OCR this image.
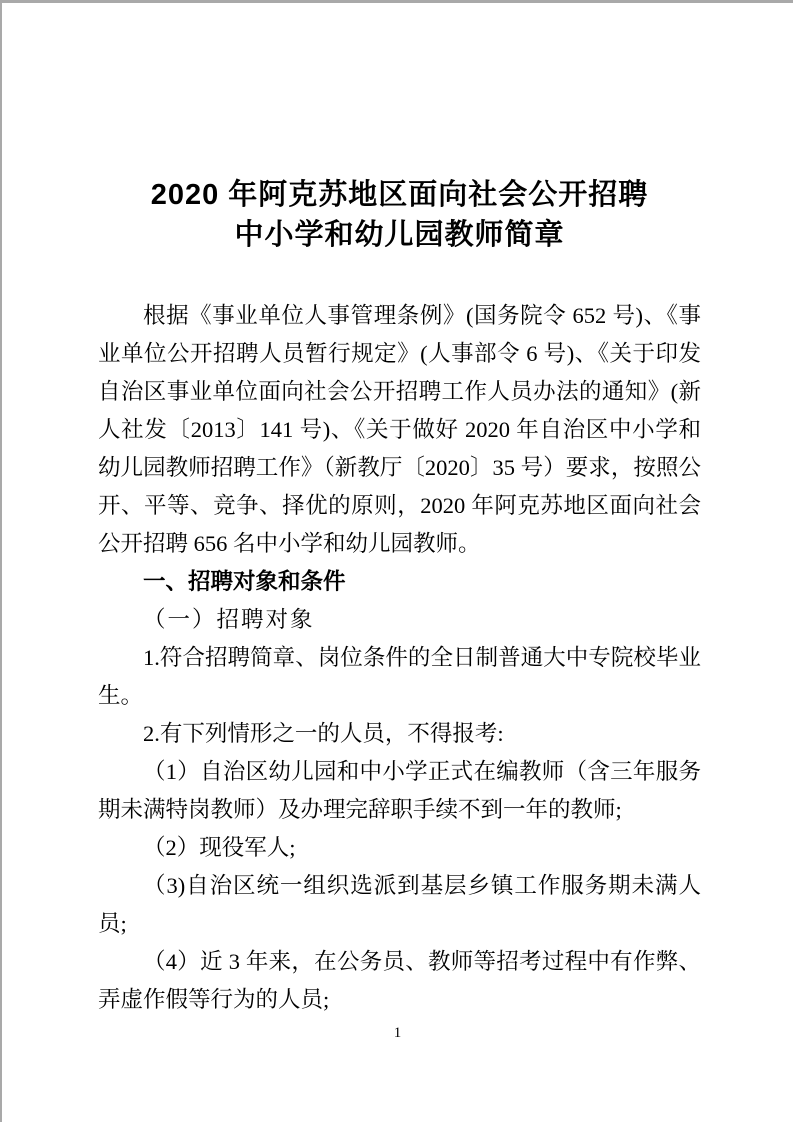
2020 年阿克苏地区面向社会公开招聘
中小学和幼儿园教师简章

根据《事业单位人事管理条例》(国务院令 652 号)、《事业单位公开招聘人员暂行规定》(人事部令 6 号)、《关于印发自治区事业单位面向社会公开招聘工作人员办法的通知》(新人社发〔2013〕141 号)、《关于做好 2020 年自治区中小学和幼儿园教师招聘工作》（新教厅〔2020〕35 号）要求，按照公开、平等、竞争、择优的原则，2020 年阿克苏地区面向社会公开招聘 656 名中小学和幼儿园教师。

一、招聘对象和条件

（一）招聘对象

1.符合招聘简章、岗位条件的全日制普通大中专院校毕业生。

2.有下列情形之一的人员，不得报考:

（1）自治区幼儿园和中小学正式在编教师（含三年服务期未满特岗教师）及办理完辞职手续不到一年的教师;

（2）现役军人;

（3)自治区统一组织选派到基层乡镇工作服务期未满人员;

（4）近 3 年来，在公务员、教师等招考过程中有作弊、弄虚作假等行为的人员;

1
